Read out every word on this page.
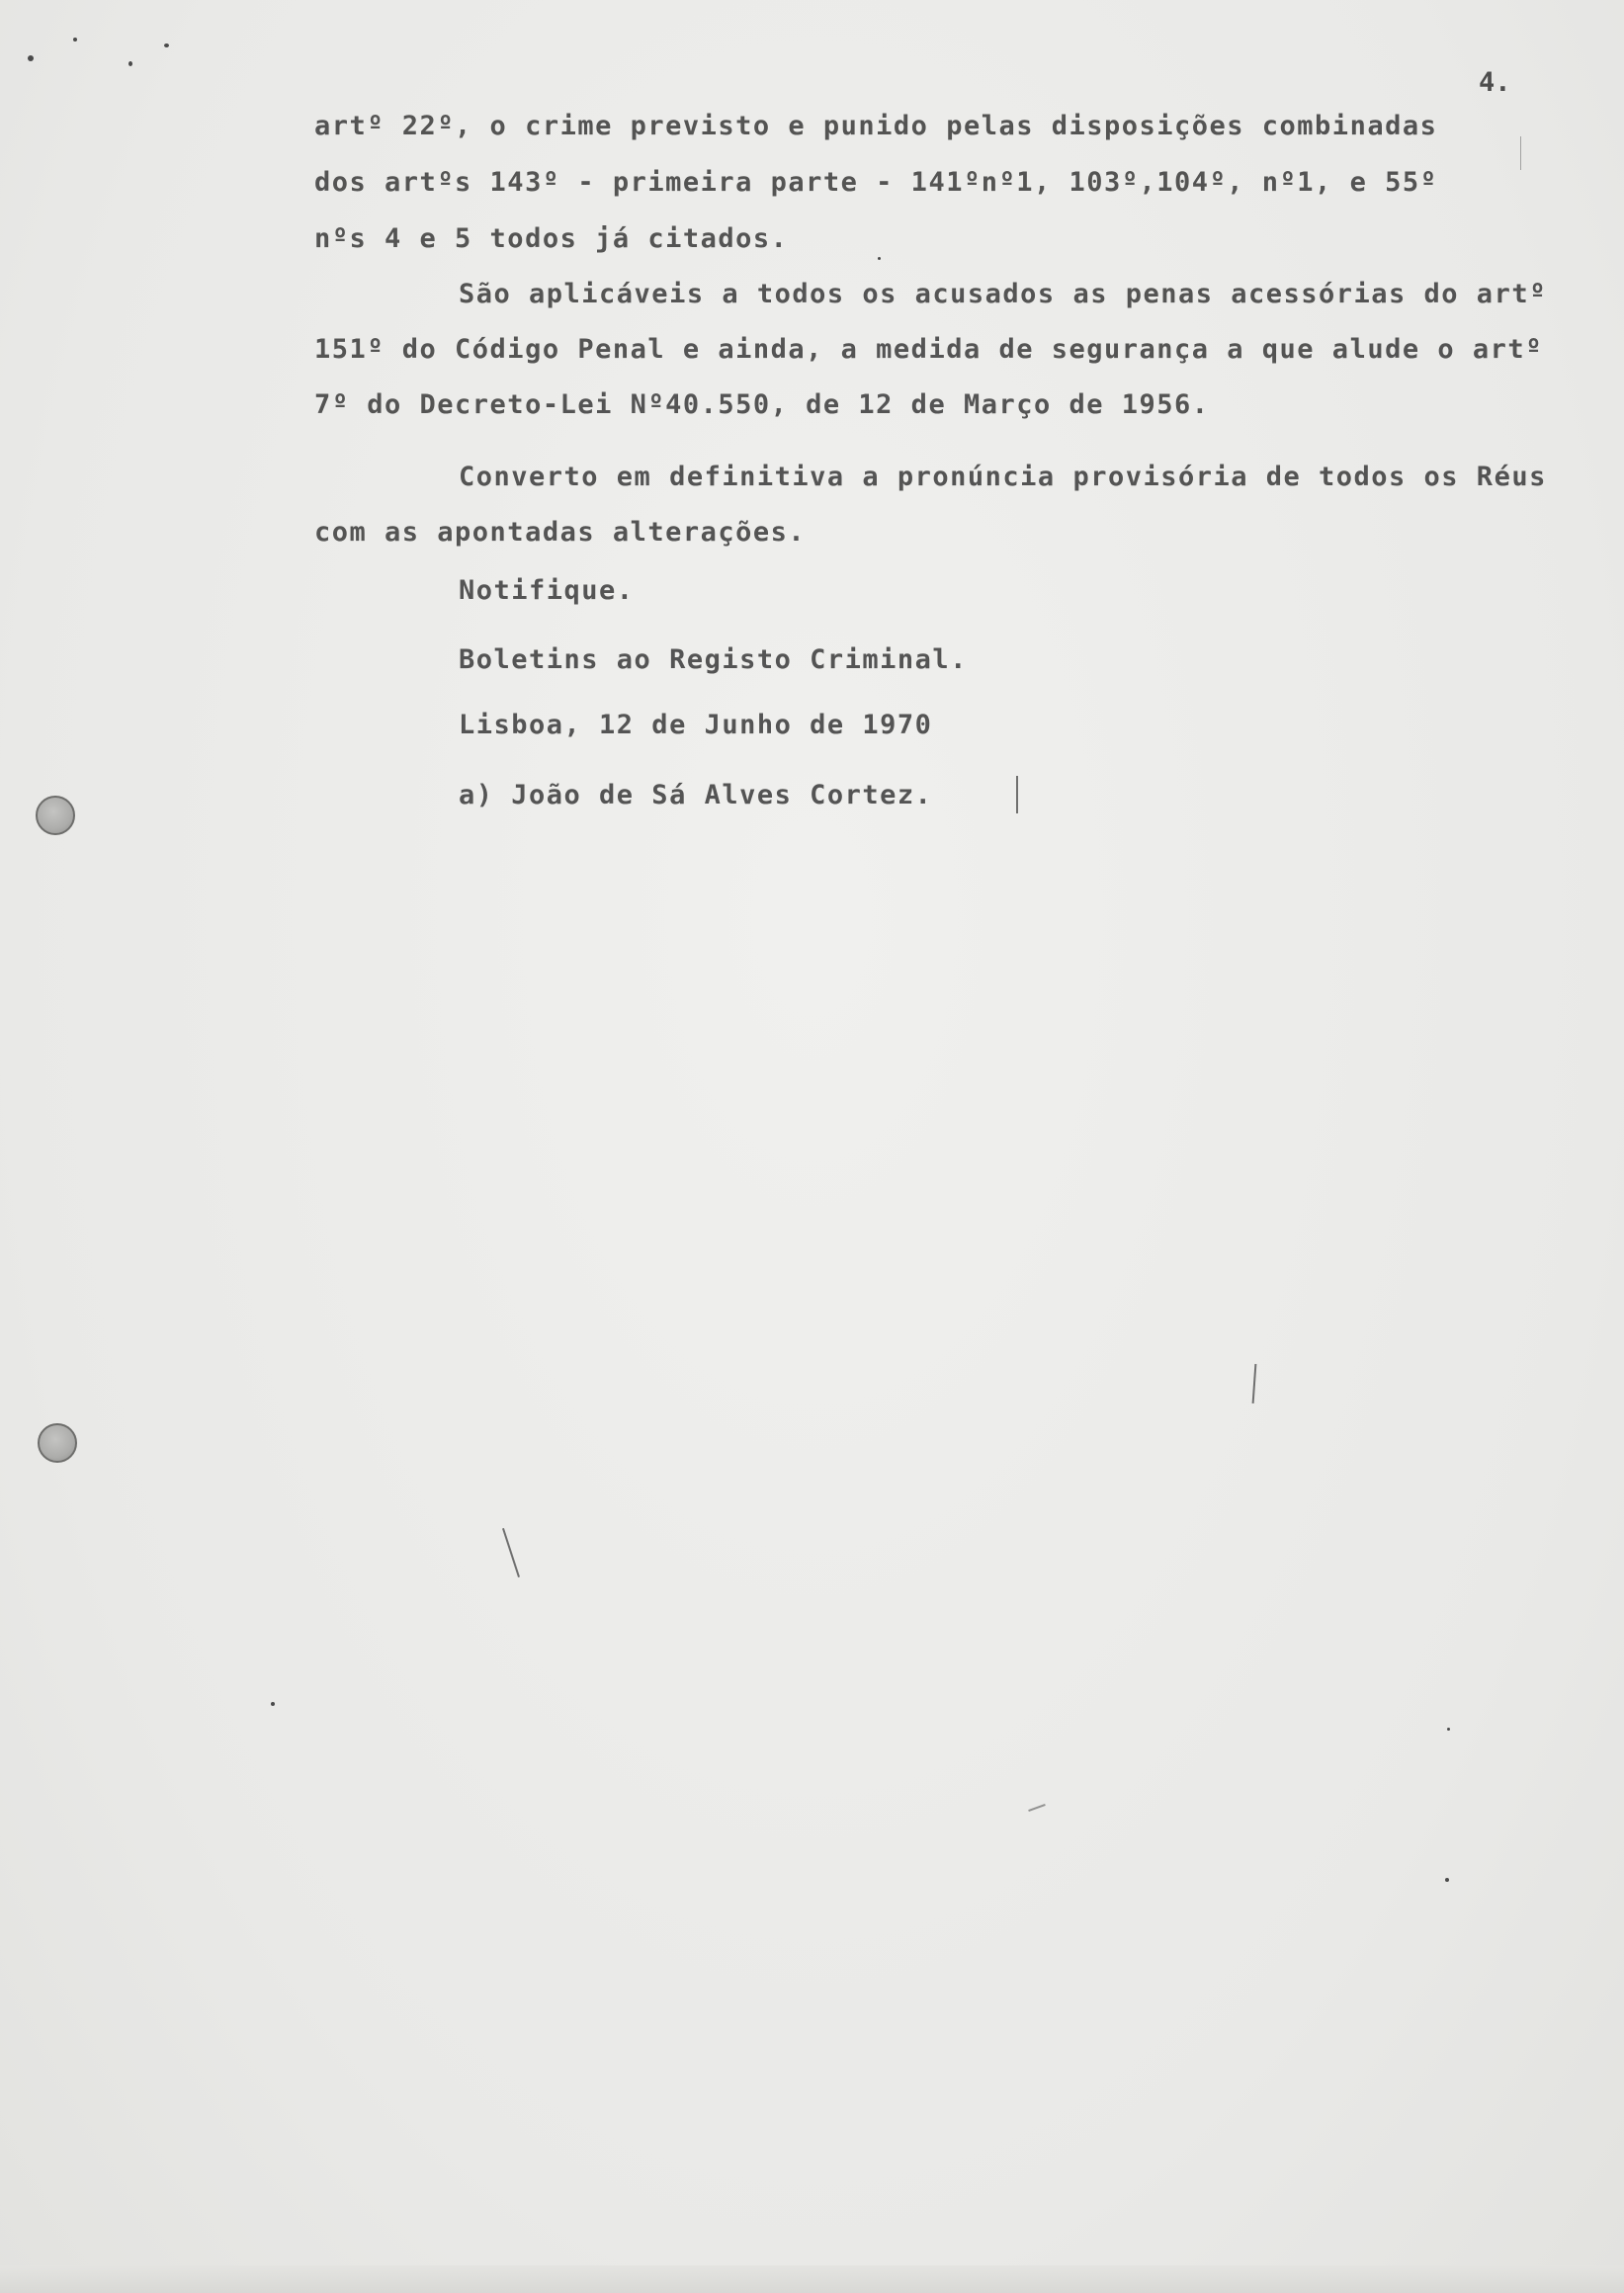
4.

artº 22º, o crime previsto e punido pelas disposições combinadas

dos artºs 143º - primeira parte - 141ºnº1, 103º,104º, nº1, e 55º

nºs 4 e 5 todos já citados.

São aplicáveis a todos os acusados as penas acessórias do artº

151º do Código Penal e ainda, a medida de segurança a que alude o artº

7º do Decreto-Lei Nº40.550, de 12 de Março de 1956.

Converto em definitiva a pronúncia provisória de todos os Réus

com as apontadas alterações.

Notifique.

Boletins ao Registo Criminal.

Lisboa, 12 de Junho de 1970

a) João de Sá Alves Cortez.
